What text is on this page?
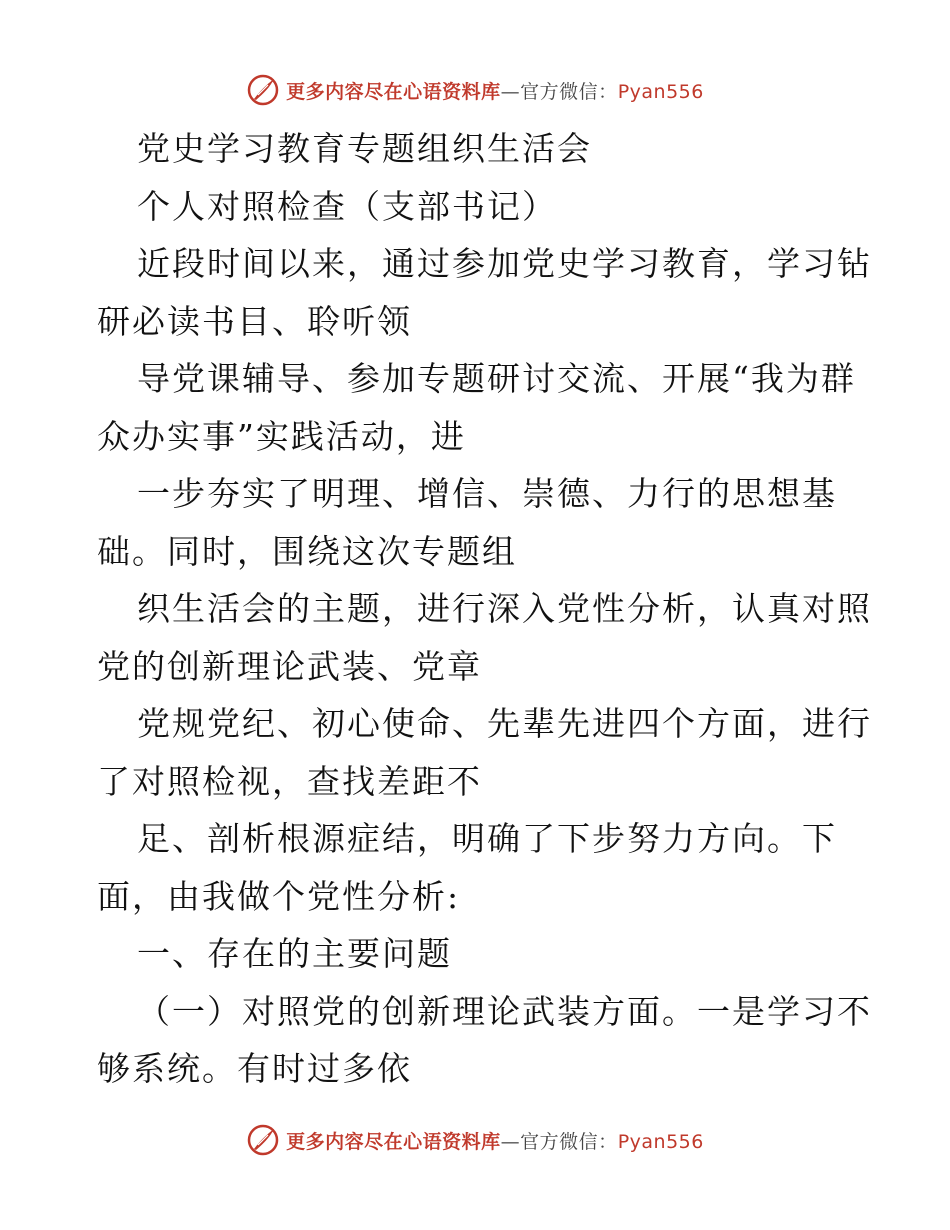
更多内容尽在心语资料库—官方微信：Pyan556
党史学习教育专题组织生活会
个人对照检查（支部书记）
近段时间以来，通过参加党史学习教育，学习钻
研必读书目、聆听领
导党课辅导、参加专题研讨交流、开展“我为群
众办实事”实践活动，进
一步夯实了明理、增信、崇德、力行的思想基
础。同时，围绕这次专题组
织生活会的主题，进行深入党性分析，认真对照
党的创新理论武装、党章
党规党纪、初心使命、先辈先进四个方面，进行
了对照检视，查找差距不
足、剖析根源症结，明确了下步努力方向。下
面，由我做个党性分析:
一、存在的主要问题
（一）对照党的创新理论武装方面。一是学习不
够系统。有时过多依
更多内容尽在心语资料库—官方微信：Pyan556
